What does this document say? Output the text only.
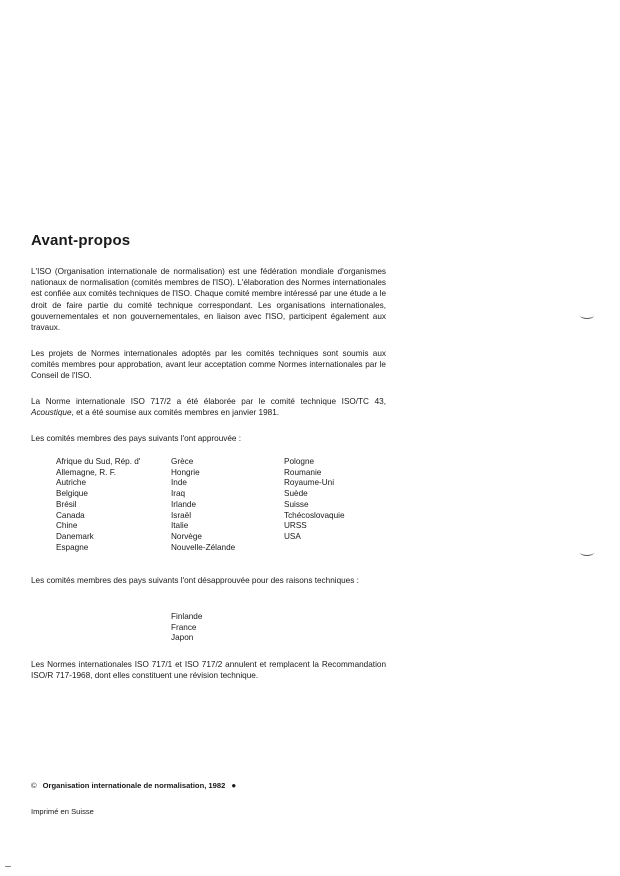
Avant-propos

L'ISO (Organisation internationale de normalisation) est une fédération mondiale d'organismes nationaux de normalisation (comités membres de l'ISO). L'élaboration des Normes internationales est confiée aux comités techniques de l'ISO. Chaque comité membre intéressé par une étude a le droit de faire partie du comité technique correspondant. Les organisations internationales, gouvernementales et non gouvernementales, en liaison avec l'ISO, participent également aux travaux.

Les projets de Normes internationales adoptés par les comités techniques sont soumis aux comités membres pour approbation, avant leur acceptation comme Normes internationales par le Conseil de l'ISO.

La Norme internationale ISO 717/2 a été élaborée par le comité technique ISO/TC 43, Acoustique, et a été soumise aux comités membres en janvier 1981.

Les comités membres des pays suivants l'ont approuvée :

Afrique du Sud, Rép. d'
Allemagne, R. F.
Autriche
Belgique
Brésil
Canada
Chine
Danemark
Espagne
Grèce
Hongrie
Inde
Iraq
Irlande
Israël
Italie
Norvège
Nouvelle-Zélande
Pologne
Roumanie
Royaume-Uni
Suède
Suisse
Tchécoslovaquie
URSS
USA

Les comités membres des pays suivants l'ont désapprouvée pour des raisons techniques :

Finlande
France
Japon

Les Normes internationales ISO 717/1 et ISO 717/2 annulent et remplacent la Recommandation ISO/R 717-1968, dont elles constituent une révision technique.

© Organisation internationale de normalisation, 1982 ●
Imprimé en Suisse
